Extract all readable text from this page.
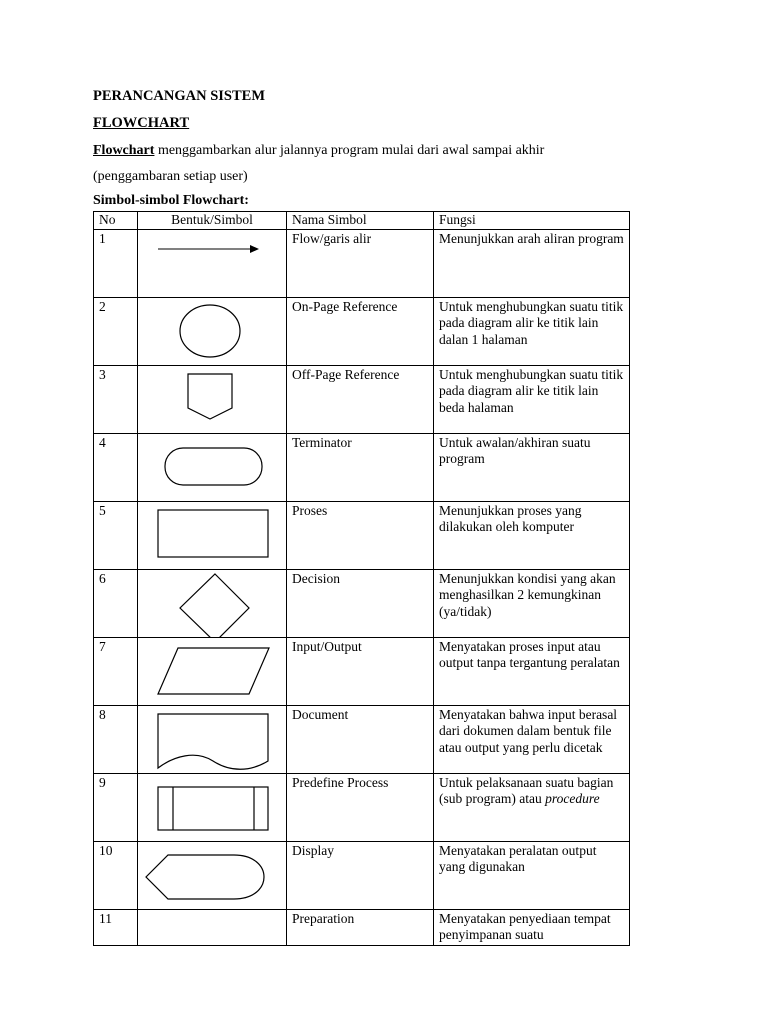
PERANCANGAN SISTEM
FLOWCHART
Flowchart menggambarkan alur jalannya program mulai dari awal sampai akhir
(penggambaran setiap user)
Simbol-simbol Flowchart:
No	Bentuk/Simbol	Nama Simbol	Fungsi
1		Flow/garis alir	Menunjukkan arah aliran program
2		On-Page Reference	Untuk menghubungkan suatu titik pada diagram alir ke titik lain dalan 1 halaman
3		Off-Page Reference	Untuk menghubungkan suatu titik pada diagram alir ke titik lain beda halaman
4		Terminator	Untuk awalan/akhiran suatu program
5		Proses	Menunjukkan proses yang dilakukan oleh komputer
6		Decision	Menunjukkan kondisi yang akan menghasilkan 2 kemungkinan (ya/tidak)
7		Input/Output	Menyatakan proses input atau output tanpa tergantung peralatan
8		Document	Menyatakan bahwa input berasal dari dokumen dalam bentuk file atau output yang perlu dicetak
9		Predefine Process	Untuk pelaksanaan suatu bagian (sub program) atau procedure
10		Display	Menyatakan peralatan output yang digunakan
11		Preparation	Menyatakan penyediaan tempat penyimpanan suatu
